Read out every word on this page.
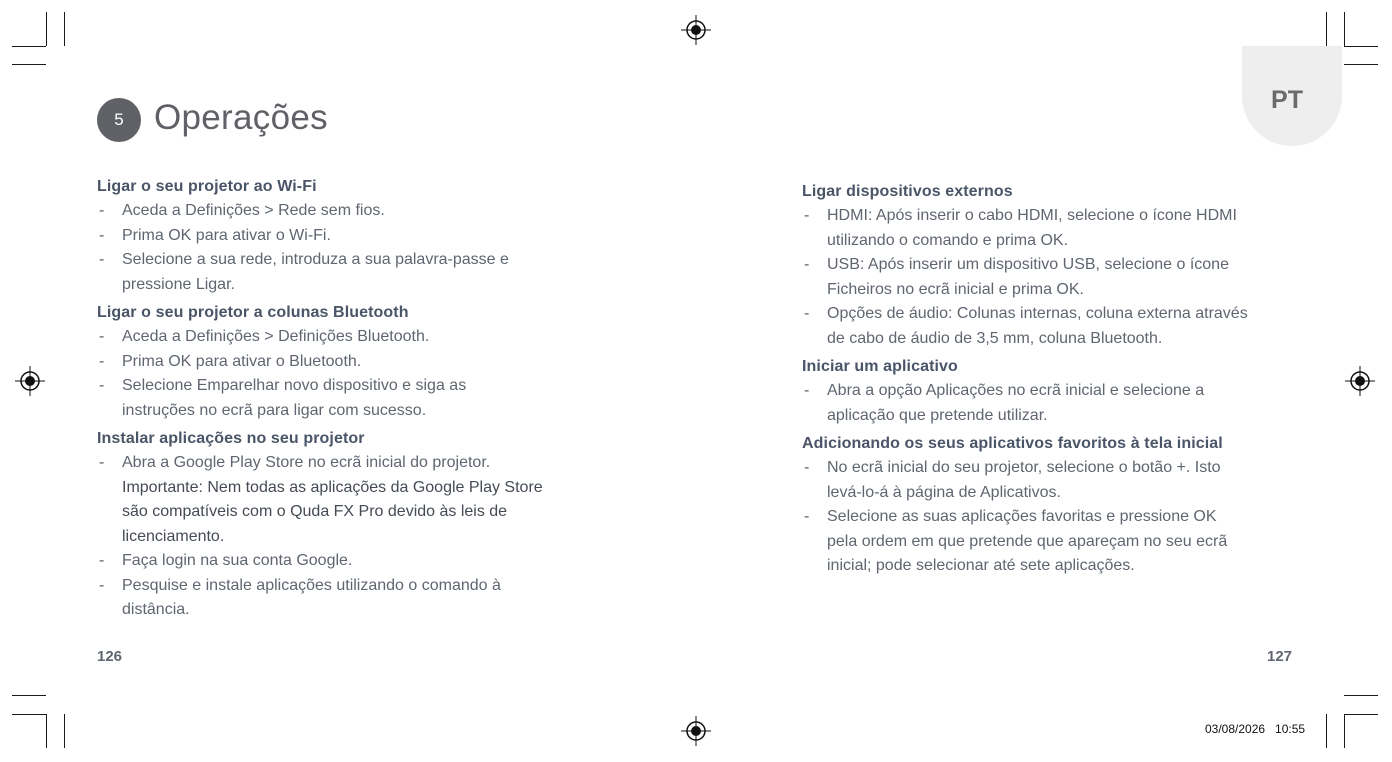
PT
5 Operações
Ligar o seu projetor ao Wi-Fi
- Aceda a Definições > Rede sem fios.
- Prima OK para ativar o Wi-Fi.
- Selecione a sua rede, introduza a sua palavra-passe e
pressione Ligar.
Ligar o seu projetor a colunas Bluetooth
- Aceda a Definições > Definições Bluetooth.
- Prima OK para ativar o Bluetooth.
- Selecione Emparelhar novo dispositivo e siga as
instruções no ecrã para ligar com sucesso.
Instalar aplicações no seu projetor
- Abra a Google Play Store no ecrã inicial do projetor.
Importante: Nem todas as aplicações da Google Play Store
são compatíveis com o Quda FX Pro devido às leis de
licenciamento.
- Faça login na sua conta Google.
- Pesquise e instale aplicações utilizando o comando à
distância.
Ligar dispositivos externos
- HDMI: Após inserir o cabo HDMI, selecione o ícone HDMI
utilizando o comando e prima OK.
- USB: Após inserir um dispositivo USB, selecione o ícone
Ficheiros no ecrã inicial e prima OK.
- Opções de áudio: Colunas internas, coluna externa através
de cabo de áudio de 3,5 mm, coluna Bluetooth.
Iniciar um aplicativo
- Abra a opção Aplicações no ecrã inicial e selecione a
aplicação que pretende utilizar.
Adicionando os seus aplicativos favoritos à tela inicial
- No ecrã inicial do seu projetor, selecione o botão +. Isto
levá-lo-á à página de Aplicativos.
- Selecione as suas aplicações favoritas e pressione OK
pela ordem em que pretende que apareçam no seu ecrã
inicial; pode selecionar até sete aplicações.
126	127
03/08/2026   10:55
